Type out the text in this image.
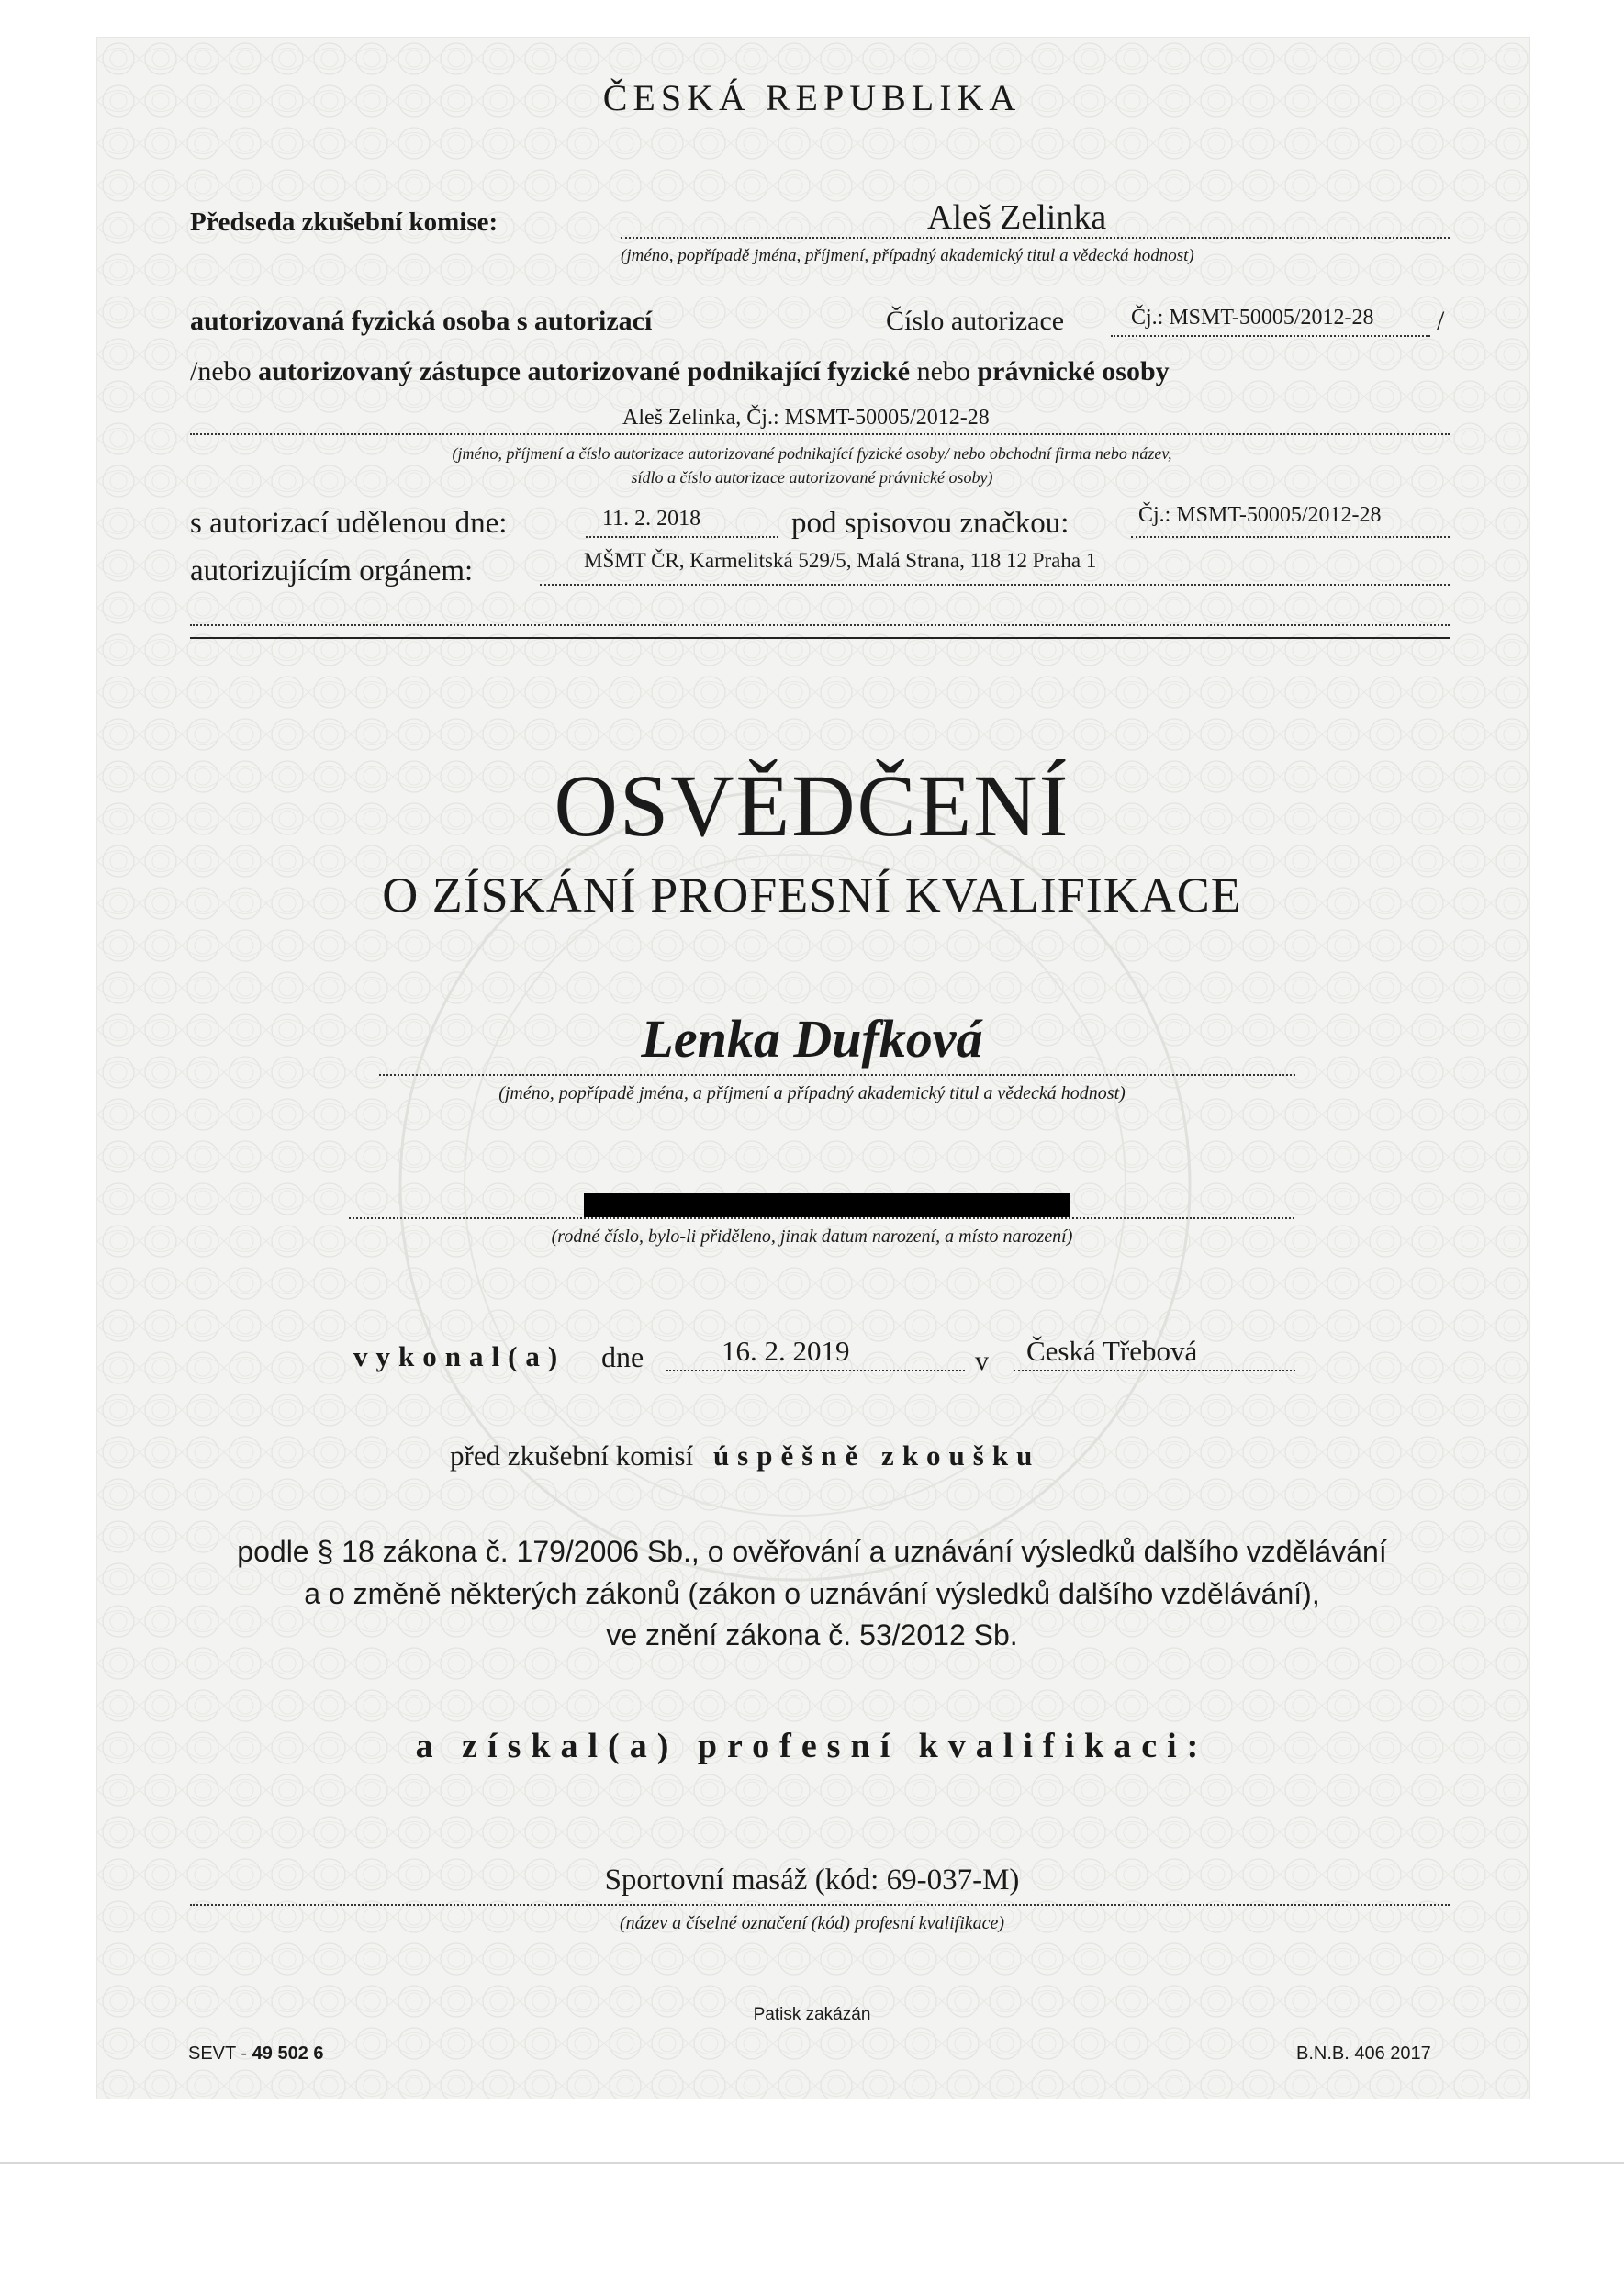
ČESKÁ REPUBLIKA
Předseda zkušební komise:	Aleš Zelinka
(jméno, popřípadě jména, příjmení, případný akademický titul a vědecká hodnost)
autorizovaná fyzická osoba s autorizací	Číslo autorizace	Čj.: MSMT-50005/2012-28 /
/nebo autorizovaný zástupce autorizované podnikající fyzické nebo právnické osoby
Aleš Zelinka, Čj.: MSMT-50005/2012-28
(jméno, příjmení a číslo autorizace autorizované podnikající fyzické osoby/ nebo obchodní firma nebo název,
sídlo a číslo autorizace autorizované právnické osoby)
s autorizací udělenou dne:	11. 2. 2018	pod spisovou značkou:	Čj.: MSMT-50005/2012-28
autorizujícím orgánem:	MŠMT ČR, Karmelitská 529/5, Malá Strana, 118 12 Praha 1
OSVĚDČENÍ
O ZÍSKÁNÍ PROFESNÍ KVALIFIKACE
Lenka Dufková
(jméno, popřípadě jména, a příjmení a případný akademický titul a vědecká hodnost)
(rodné číslo, bylo-li přiděleno, jinak datum narození, a místo narození)
vykonal(a) dne	16. 2. 2019	v Česká Třebová
před zkušební komisí úspěšně zkoušku
podle § 18 zákona č. 179/2006 Sb., o ověřování a uznávání výsledků dalšího vzdělávání
a o změně některých zákonů (zákon o uznávání výsledků dalšího vzdělávání),
ve znění zákona č. 53/2012 Sb.
a získal(a) profesní kvalifikaci:
Sportovní masáž (kód: 69-037-M)
(název a číselné označení (kód) profesní kvalifikace)
Patisk zakázán
SEVT - 49 502 6	B.N.B. 406 2017
